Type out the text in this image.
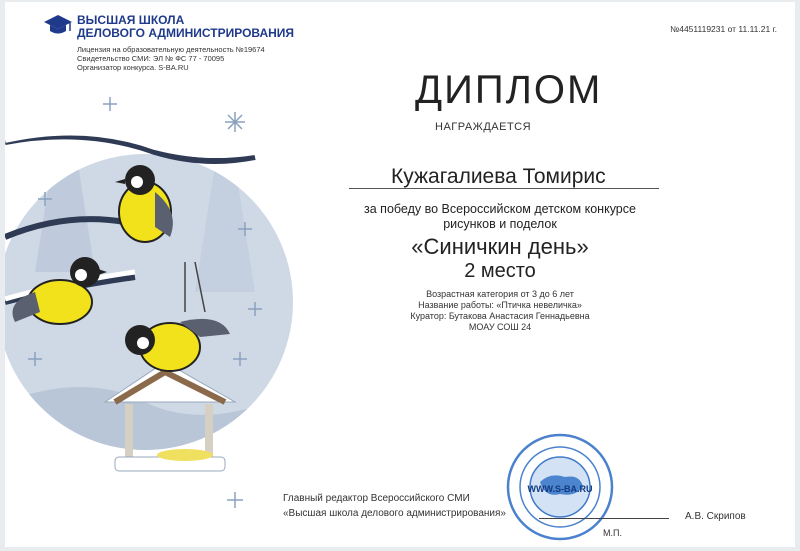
ВЫСШАЯ ШКОЛА
ДЕЛОВОГО АДМИНИСТРИРОВАНИЯ
Лицензия на образовательную деятельность №19674
Свидетельство СМИ: ЭЛ № ФС 77 - 70095
Организатор конкурса. S-BA.RU
№4451119231 от 11.11.21 г.
ДИПЛОМ
НАГРАЖДАЕТСЯ
Кужагалиева Томирис
за победу во Всероссийском детском конкурсе
рисунков и поделок
«Синичкин день»
2 место
Возрастная категория от 3 до 6 лет
Название работы: «Птичка невеличка»
Куратор: Бутакова Анастасия Геннадьевна
МОАУ СОШ 24
WWW.S-BA.RU
Главный редактор Всероссийского СМИ
«Высшая школа делового администрирования»	А.В. Скрипов
М.П.
